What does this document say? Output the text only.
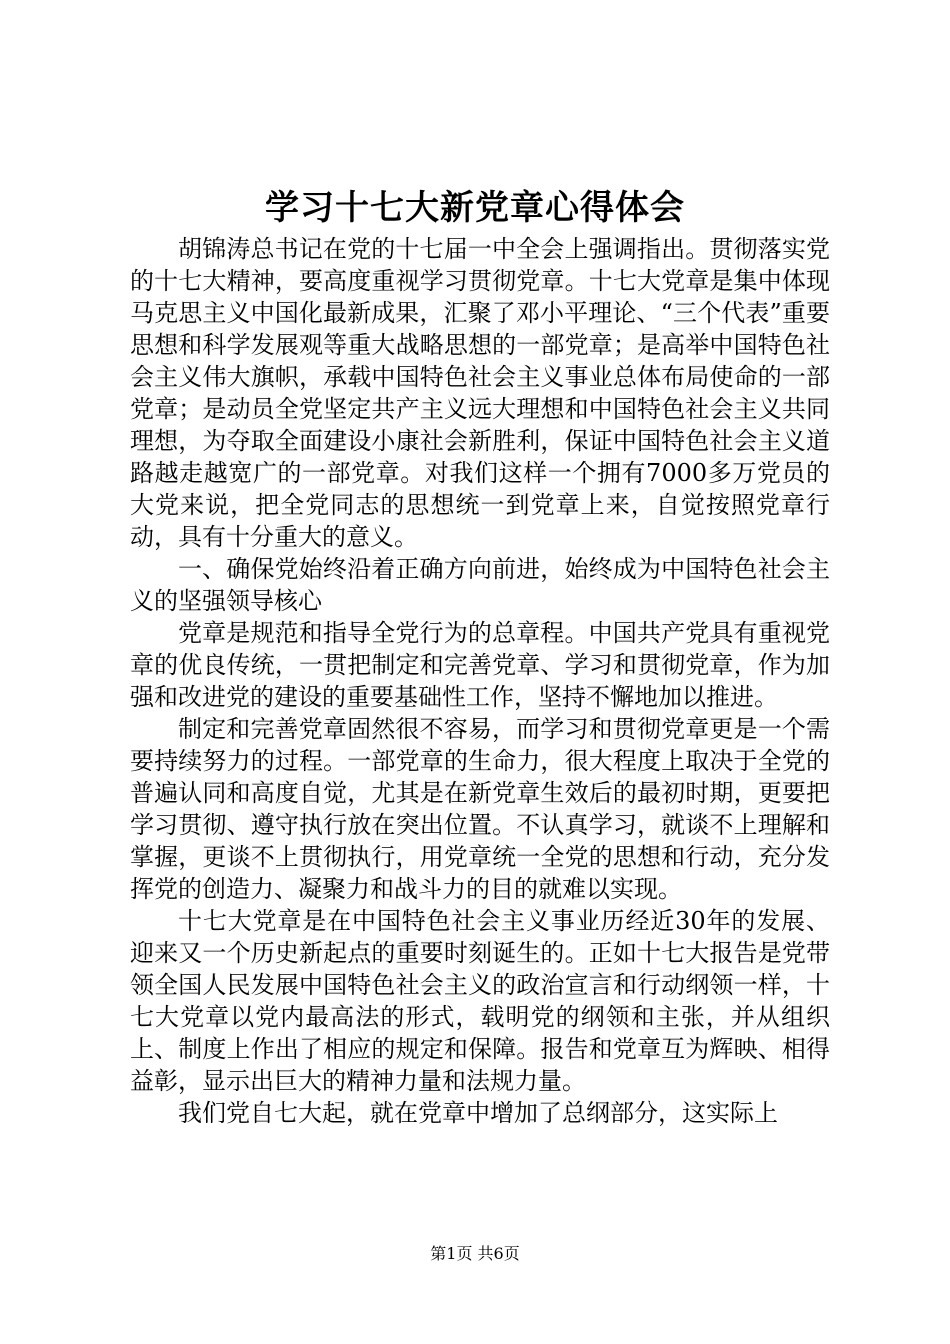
学习十七大新党章心得体会

胡锦涛总书记在党的十七届一中全会上强调指出。贯彻落实党的十七大精神，要高度重视学习贯彻党章。十七大党章是集中体现马克思主义中国化最新成果，汇聚了邓小平理论、“三个代表”重要思想和科学发展观等重大战略思想的一部党章；是高举中国特色社会主义伟大旗帜，承载中国特色社会主义事业总体布局使命的一部党章；是动员全党坚定共产主义远大理想和中国特色社会主义共同理想，为夺取全面建设小康社会新胜利，保证中国特色社会主义道路越走越宽广的一部党章。对我们这样一个拥有7000多万党员的大党来说，把全党同志的思想统一到党章上来，自觉按照党章行动，具有十分重大的意义。

一、确保党始终沿着正确方向前进，始终成为中国特色社会主义的坚强领导核心

党章是规范和指导全党行为的总章程。中国共产党具有重视党章的优良传统，一贯把制定和完善党章、学习和贯彻党章，作为加强和改进党的建设的重要基础性工作，坚持不懈地加以推进。

制定和完善党章固然很不容易，而学习和贯彻党章更是一个需要持续努力的过程。一部党章的生命力，很大程度上取决于全党的普遍认同和高度自觉，尤其是在新党章生效后的最初时期，更要把学习贯彻、遵守执行放在突出位置。不认真学习，就谈不上理解和掌握，更谈不上贯彻执行，用党章统一全党的思想和行动，充分发挥党的创造力、凝聚力和战斗力的目的就难以实现。

十七大党章是在中国特色社会主义事业历经近30年的发展、迎来又一个历史新起点的重要时刻诞生的。正如十七大报告是党带领全国人民发展中国特色社会主义的政治宣言和行动纲领一样，十七大党章以党内最高法的形式，载明党的纲领和主张，并从组织上、制度上作出了相应的规定和保障。报告和党章互为辉映、相得益彰，显示出巨大的精神力量和法规力量。

我们党自七大起，就在党章中增加了总纲部分，这实际上

第1页 共6页
